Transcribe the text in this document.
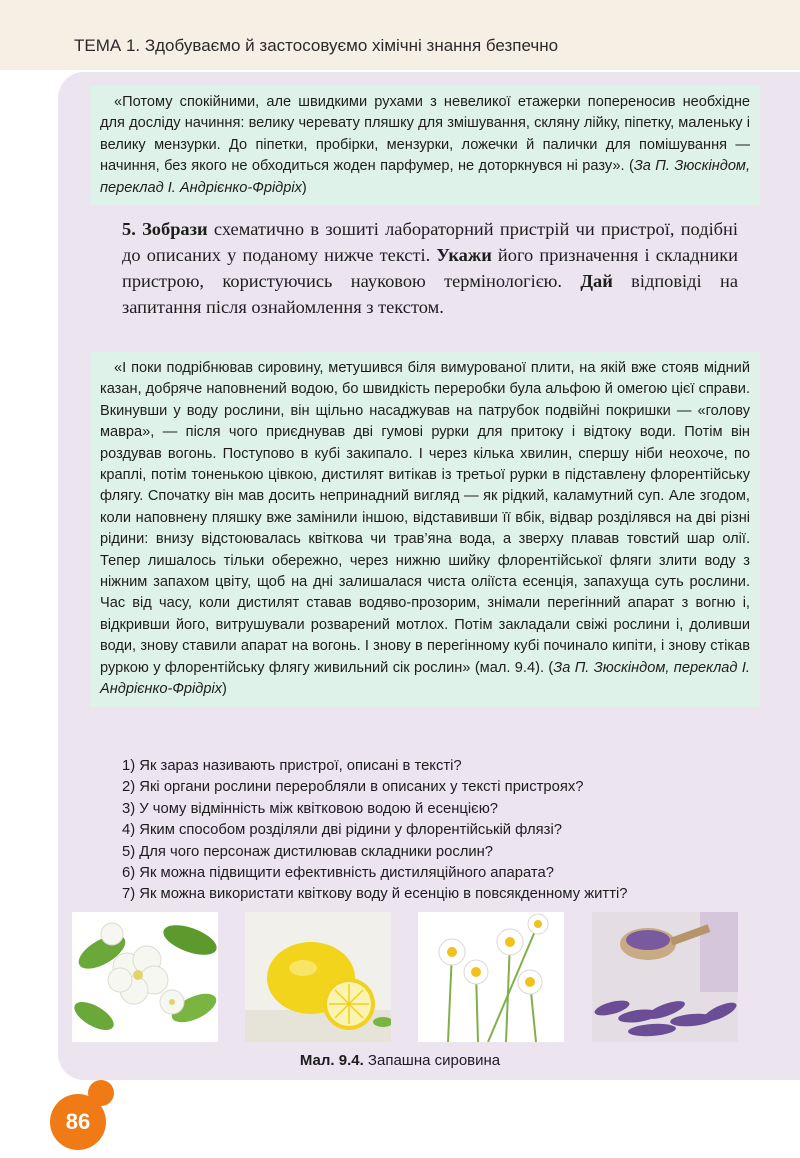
ТЕМА 1. Здобуваємо й застосовуємо хімічні знання безпечно

«Потому спокійними, але швидкими рухами з невеликої етажерки попереносив необхідне для досліду начиння: велику черевату пляшку для змішування, скляну лійку, піпетку, маленьку і велику мензурки. До піпетки, пробірки, мензурки, ложечки й палички для помішування — начиння, без якого не обходиться жоден парфумер, не доторкнувся ні разу». (За П. Зюскіндом, переклад І. Андрієнко-Фрідріх)

5. Зобрази схематично в зошиті лабораторний пристрій чи пристрої, подібні до описаних у поданому нижче тексті. Укажи його призначення і складники пристрою, користуючись науковою термінологією. Дай відповіді на запитання після ознайомлення з текстом.

«І поки подрібнював сировину, метушився біля вимурованої плити, на якій вже стояв мідний казан, добряче наповнений водою, бо швидкість переробки була альфою й омегою цієї справи. Вкинувши у воду рослини, він щільно насаджував на патрубок подвійні покришки — «голову мавра», — після чого приєднував дві гумові рурки для притоку і відтоку води. Потім він роздував вогонь. Поступово в кубі закипало. І через кілька хвилин, спершу ніби неохоче, по краплі, потім тоненькою цівкою, дистилят витікав із третьої рурки в підставлену флорентійську флягу. Спочатку він мав досить непринадний вигляд — як рідкий, каламутний суп. Але згодом, коли наповнену пляшку вже замінили іншою, відставивши її вбік, відвар розділявся на дві різні рідини: внизу відстоювалась квіткова чи трав’яна вода, а зверху плавав товстий шар олії. Тепер лишалось тільки обережно, через нижню шийку флорентійської фляги злити воду з ніжним запахом цвіту, щоб на дні залишалася чиста оліїста есенція, запахуща суть рослини. Час від часу, коли дистилят ставав водяво-прозорим, знімали перегінний апарат з вогню і, відкривши його, витрушували розварений мотлох. Потім закладали свіжі рослини і, доливши води, знову ставили апарат на вогонь. І знову в перегінному кубі починало кипіти, і знову стікав руркою у флорентійську флягу живильний сік рослин» (мал. 9.4). (За П. Зюскіндом, переклад І. Андрієнко-Фрідріх)

1) Як зараз називають пристрої, описані в тексті?
2) Які органи рослини переробляли в описаних у тексті пристроях?
3) У чому відмінність між квітковою водою й есенцією?
4) Яким способом розділяли дві рідини у флорентійській флязі?
5) Для чого персонаж дистилював складники рослин?
6) Як можна підвищити ефективність дистиляційного апарата?
7) Як можна використати квіткову воду й есенцію в повсякденному житті?
Мал. 9.4. Запашна сировина
86
